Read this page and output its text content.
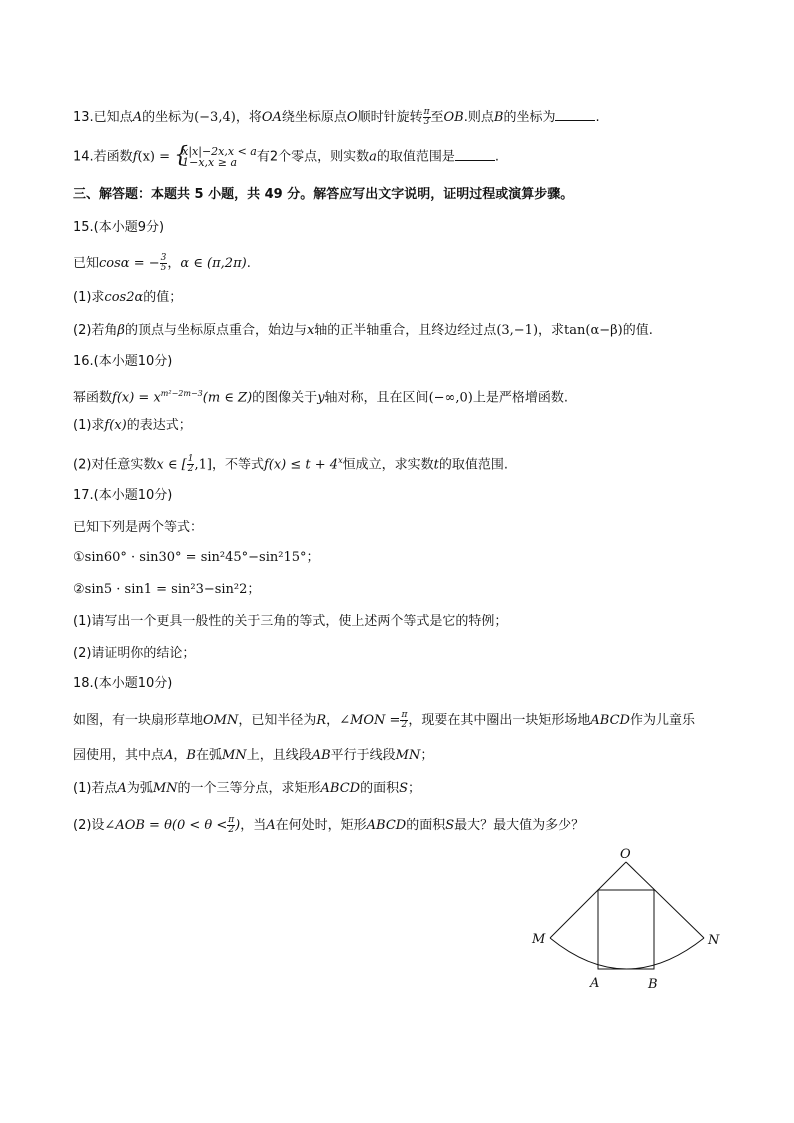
13.已知点A的坐标为(−3,4)，将OA绕坐标原点O顺时针旋转 $\frac{\pi}{3}$ 至OB.则点B的坐标为	.
14.若函数f(x) =
{ x|x|−2x,x < a
1−x,x ≥ a	有2个零点，则实数a的取值范围是	.
三、解答题：本题共 5 小题，共 49 分。解答应写出文字说明，证明过程或演算步骤。
15.(本小题9分)
已知cosα = − $\frac{3}{5}$ ，α ∈ (π,2π).
(1)求cos2α的值；
(2)若角β的顶点与坐标原点重合，始边与x轴的正半轴重合，且终边经过点(3,−1)，求tan(α−β)的值.
16.(本小题10分)
幂函数$f(x) = x^{m^2-2m-3}(m$ ∈ Z)的图像关于y轴对称，且在区间(−∞,0)上是严格增函数.
(1)求f(x)的表达式；
(2)对任意实数x ∈ [ $\frac{1}{2} ,1$]，不等式$f(x) \le t + 4^x$恒成立，求实数t的取值范围.
17.(本小题10分)
已知下列是两个等式：
①sin60° · sin30° = sin²45°−sin²15°；
②sin5 · sin1 = sin²3−sin²2；
(1)请写出一个更具一般性的关于三角的等式，使上述两个等式是它的特例；
(2)请证明你的结论；
18.(本小题10分)
如图，有一块扇形草地OMN，已知半径为R，∠MON = $\frac{\pi}{2}$ ，现要在其中圈出一块矩形场地ABCD作为儿童乐
园使用，其中点A，B在弧MN上，且线段AB平行于线段MN；
(1)若点A为弧MN的一个三等分点，求矩形ABCD的面积S；
(2)设∠AOB = $\theta(0 < \theta < \frac{\pi}{2}$ )，当A在何处时，矩形ABCD的面积S最大？最大值为多少？
O
M	N
A	B
